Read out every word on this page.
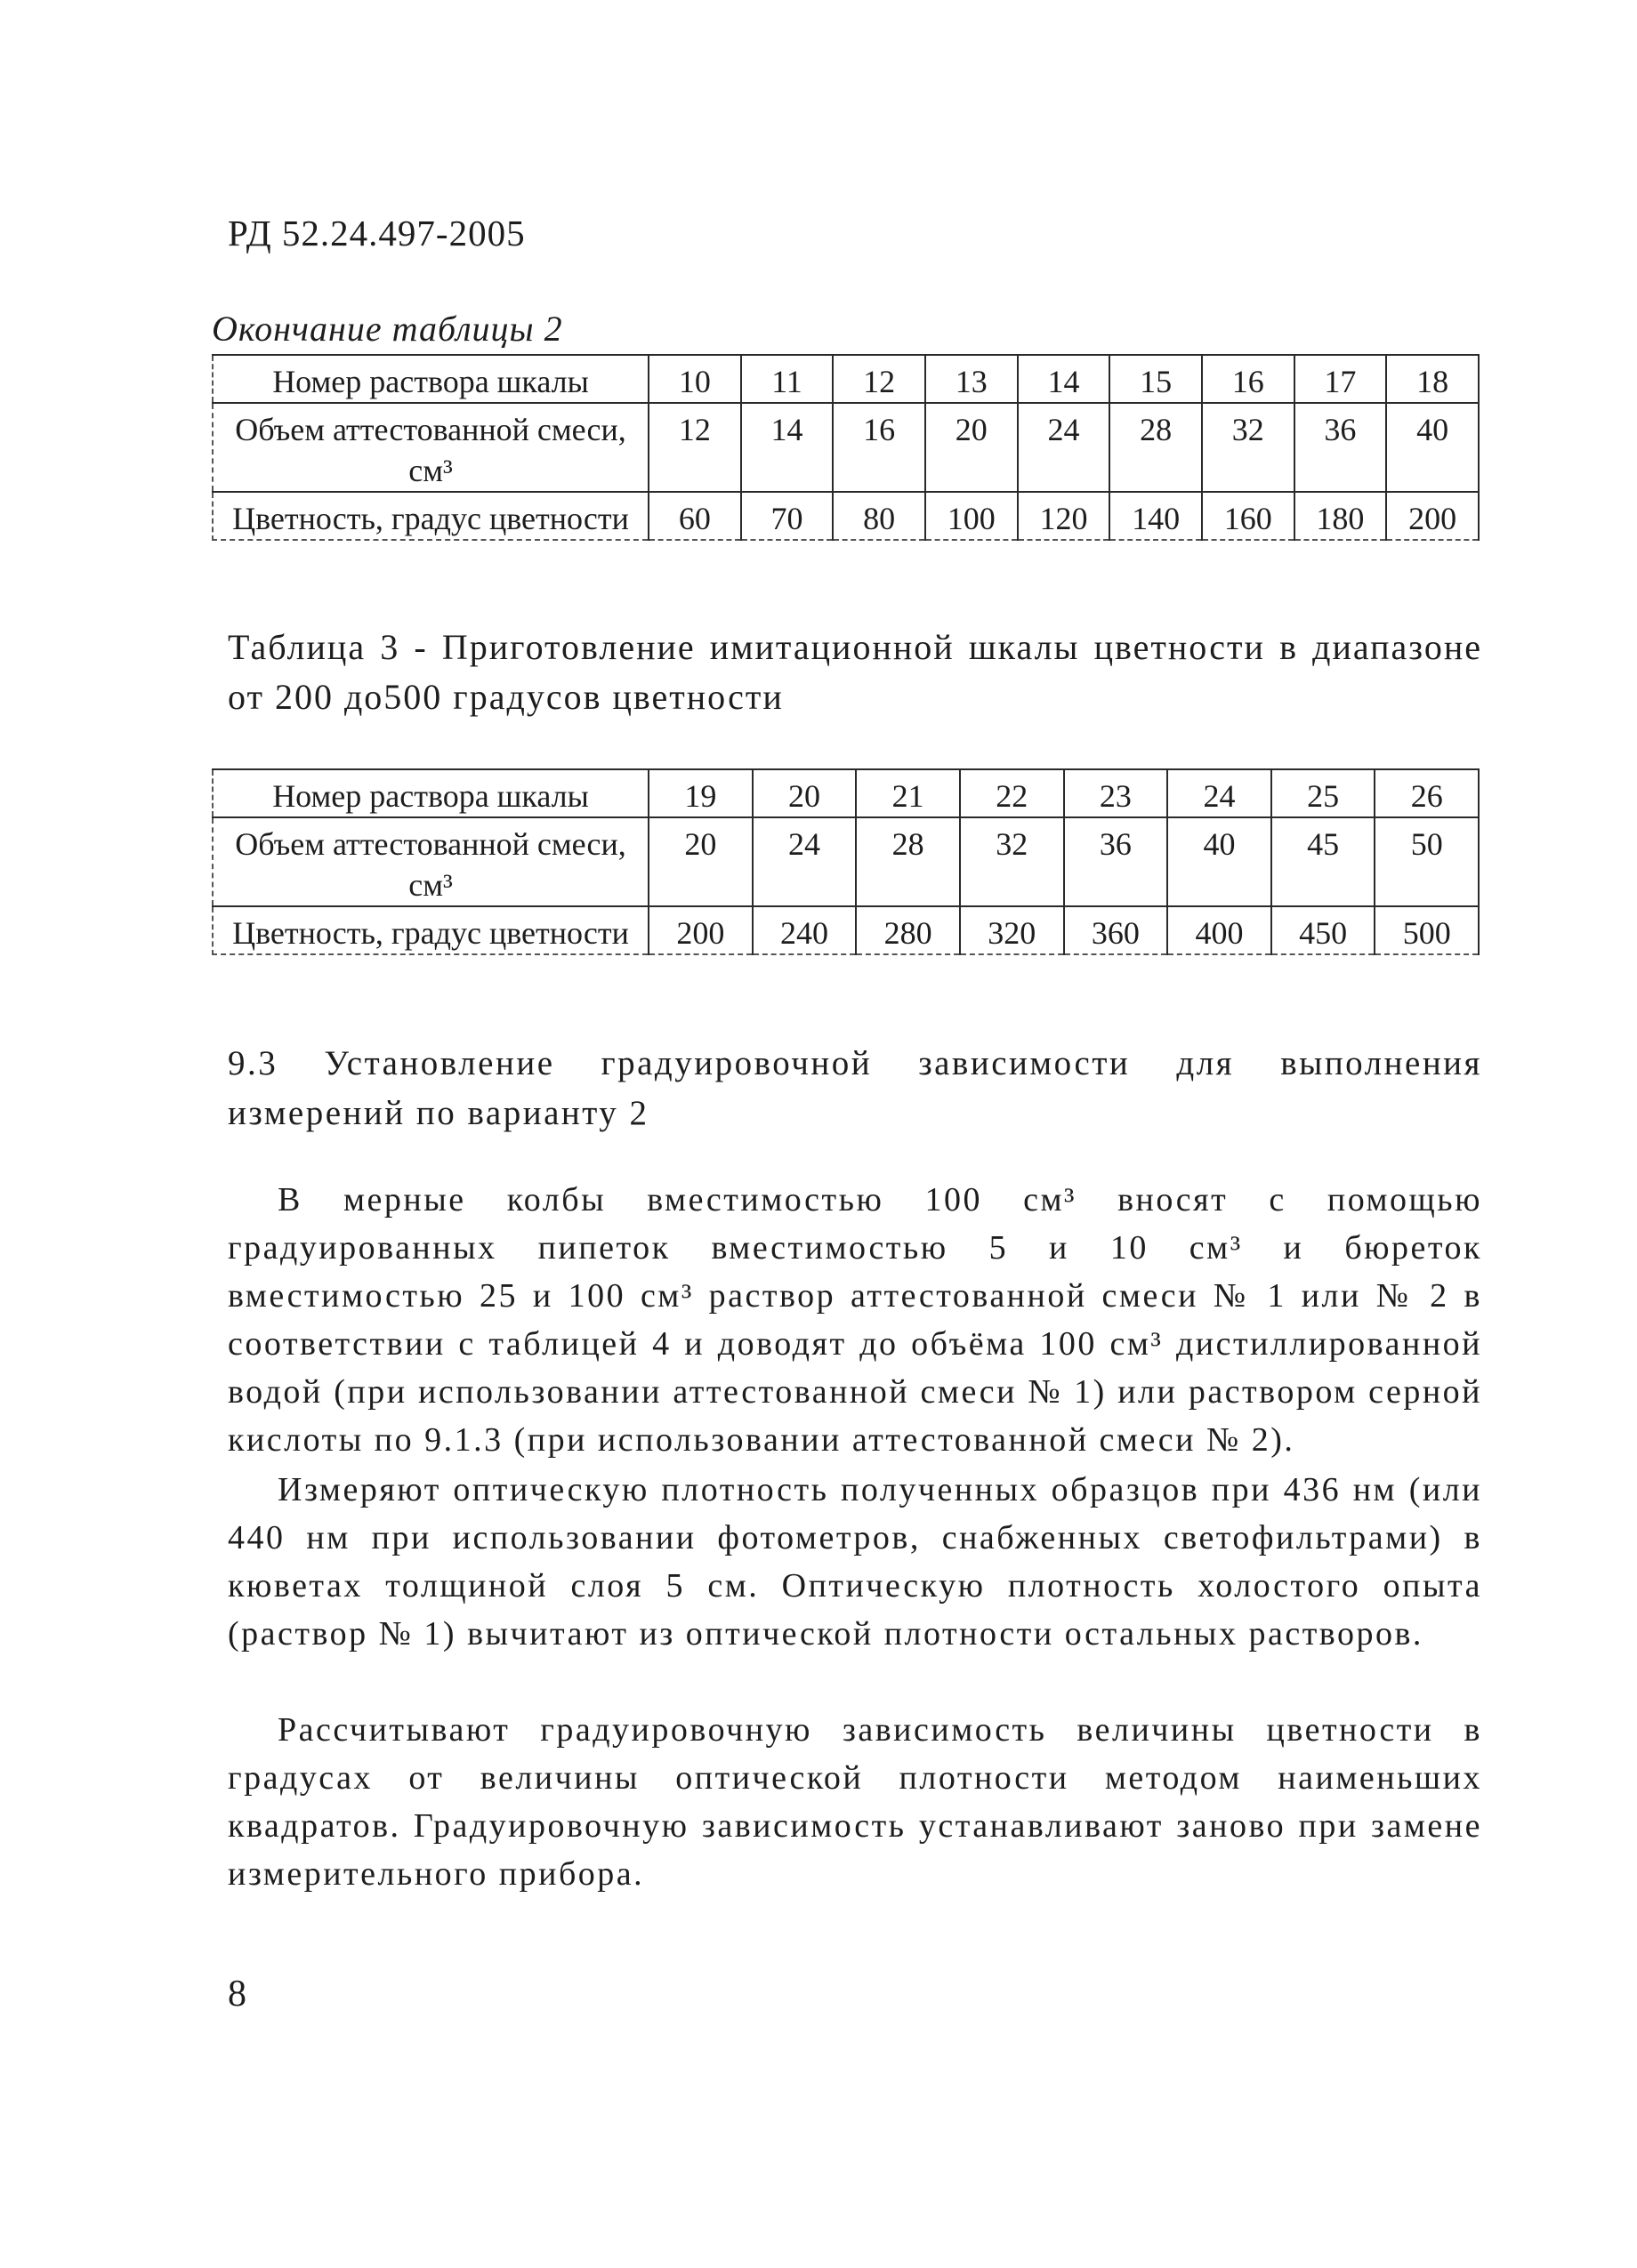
РД 52.24.497-2005
Окончание таблицы 2
Номер раствора шкалы	10	11	12	13	14	15	16	17	18
Объем аттестованной смеси, см³	12	14	16	20	24	28	32	36	40
Цветность, градус цветности	60	70	80	100	120	140	160	180	200
Таблица 3 - Приготовление имитационной шкалы цветности в диапазоне от 200 до500 градусов цветности
Номер раствора шкалы	19	20	21	22	23	24	25	26
Объем аттестованной смеси, см³	20	24	28	32	36	40	45	50
Цветность, градус цветности	200	240	280	320	360	400	450	500
9.3 Установление градуировочной зависимости для выполнения измерений по варианту 2
В мерные колбы вместимостью 100 см³ вносят с помощью градуированных пипеток вместимостью 5 и 10 см³ и бюреток вместимостью 25 и 100 см³ раствор аттестованной смеси № 1 или № 2 в соответствии с таблицей 4 и доводят до объёма 100 см³ дистиллированной водой (при использовании аттестованной смеси № 1) или раствором серной кислоты по 9.1.3 (при использовании аттестованной смеси № 2).
Измеряют оптическую плотность полученных образцов при 436 нм (или 440 нм при использовании фотометров, снабженных светофильтрами) в кюветах толщиной слоя 5 см. Оптическую плотность холостого опыта (раствор № 1) вычитают из оптической плотности остальных растворов.
Рассчитывают градуировочную зависимость величины цветности в градусах от величины оптической плотности методом наименьших квадратов. Градуировочную зависимость устанавливают заново при замене измерительного прибора.
8
